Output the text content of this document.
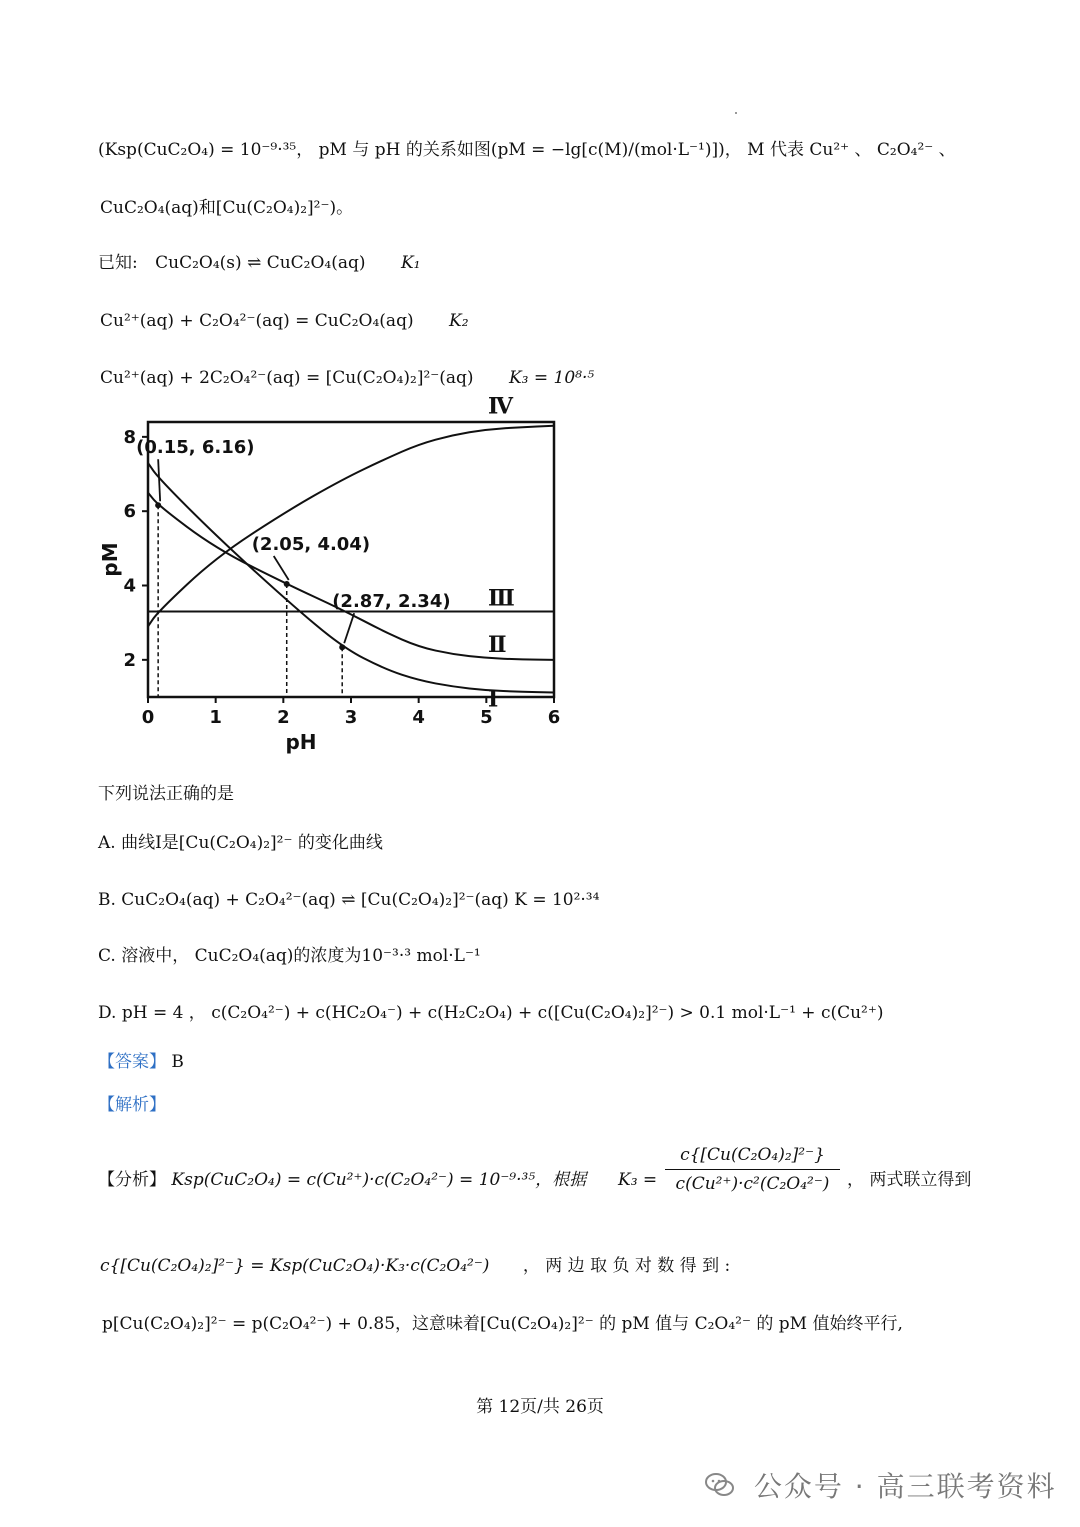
(Ksp(CuC₂O₄) = 10⁻⁹·³⁵， pM 与 pH 的关系如图(pM = −lg[c(M)/(mol·L⁻¹)])， M 代表 Cu²⁺ 、 C₂O₄²⁻ 、
CuC₂O₄(aq)和[Cu(C₂O₄)₂]²⁻)。
已知: CuC₂O₄(s) ⇌ CuC₂O₄(aq) K₁
Cu²⁺(aq) + C₂O₄²⁻(aq) = CuC₂O₄(aq) K₂
Cu²⁺(aq) + 2C₂O₄²⁻(aq) = [Cu(C₂O₄)₂]²⁻(aq) K₃ = 10⁸·⁵
0	1	2	3	4	5	6
2
4
6
8
pH
pM
Ⅰ
Ⅱ
Ⅲ
Ⅳ
(0.15, 6.16)
(2.05, 4.04)
(2.87, 2.34)
下列说法正确的是
A. 曲线Ⅰ是[Cu(C₂O₄)₂]²⁻ 的变化曲线
B. CuC₂O₄(aq) + C₂O₄²⁻(aq) ⇌ [Cu(C₂O₄)₂]²⁻(aq) K = 10²·³⁴
C. 溶液中， CuC₂O₄(aq)的浓度为10⁻³·³ mol·L⁻¹
D. pH = 4 ， c(C₂O₄²⁻) + c(HC₂O₄⁻) + c(H₂C₂O₄) + c([Cu(C₂O₄)₂]²⁻) > 0.1 mol·L⁻¹ + c(Cu²⁺)
【答案】 B
【解析】
【分析】 Ksp(CuC₂O₄) = c(Cu²⁺)·c(C₂O₄²⁻) = 10⁻⁹·³⁵，根据 K₃ =
c{[Cu(C₂O₄)₂]²⁻}
c(Cu²⁺)·c²(C₂O₄²⁻)	， 两式联立得到
c{[Cu(C₂O₄)₂]²⁻} = Ksp(CuC₂O₄)·K₃·c(C₂O₄²⁻) ， 两 边 取 负 对 数 得 到 :
p[Cu(C₂O₄)₂]²⁻ = p(C₂O₄²⁻) + 0.85，这意味着[Cu(C₂O₄)₂]²⁻ 的 pM 值与 C₂O₄²⁻ 的 pM 值始终平行,
第 12页/共 26页
公众号 · 高三联考资料
